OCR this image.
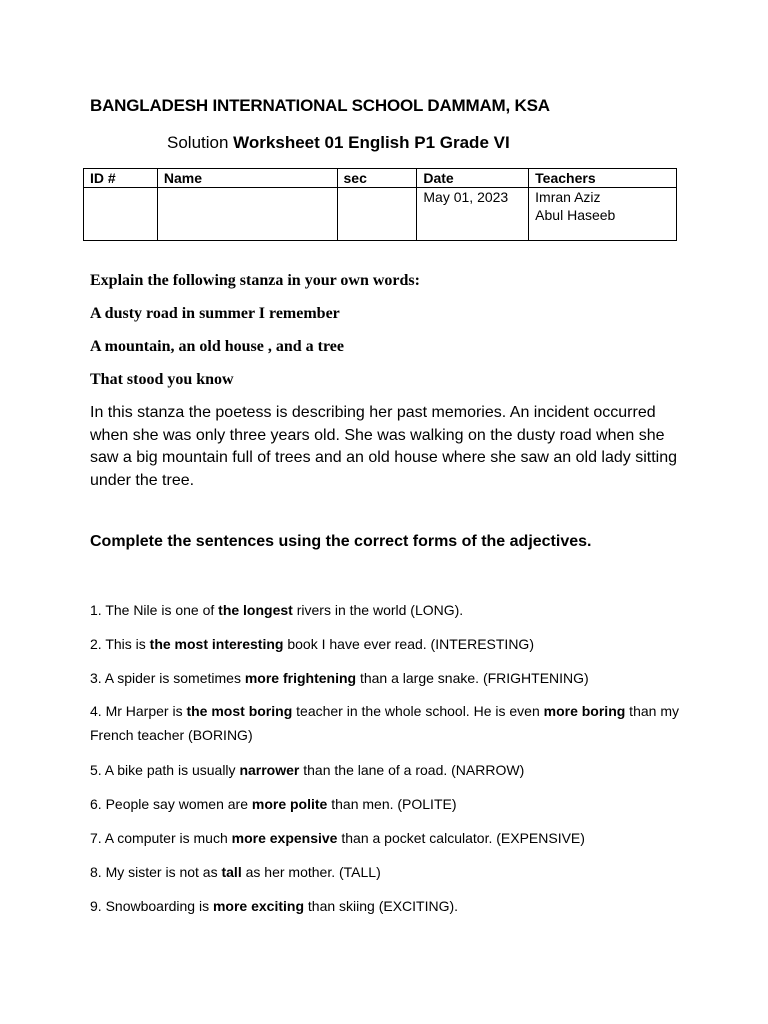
BANGLADESH INTERNATIONAL SCHOOL DAMMAM, KSA
Solution Worksheet 01 English P1 Grade VI
ID #	Name	sec	Date	Teachers
			May 01, 2023	Imran Aziz
Abul Haseeb
Explain the following stanza in your own words:
A dusty road in summer I remember
A mountain, an old house , and a tree
That stood you know
In this stanza the poetess is describing her past memories. An incident occurred when she was only three years old. She was walking on the dusty road when she saw a big mountain full of trees and an old house where she saw an old lady sitting under the tree.
Complete the sentences using the correct forms of the adjectives.
1. The Nile is one of the longest rivers in the world (LONG).
2. This is the most interesting book I have ever read. (INTERESTING)
3. A spider is sometimes more frightening than a large snake. (FRIGHTENING)
4. Mr Harper is the most boring teacher in the whole school. He is even more boring than my French teacher (BORING)
5. A bike path is usually narrower than the lane of a road. (NARROW)
6. People say women are more polite than men. (POLITE)
7. A computer is much more expensive than a pocket calculator. (EXPENSIVE)
8. My sister is not as tall as her mother. (TALL)
9. Snowboarding is more exciting than skiing (EXCITING).
